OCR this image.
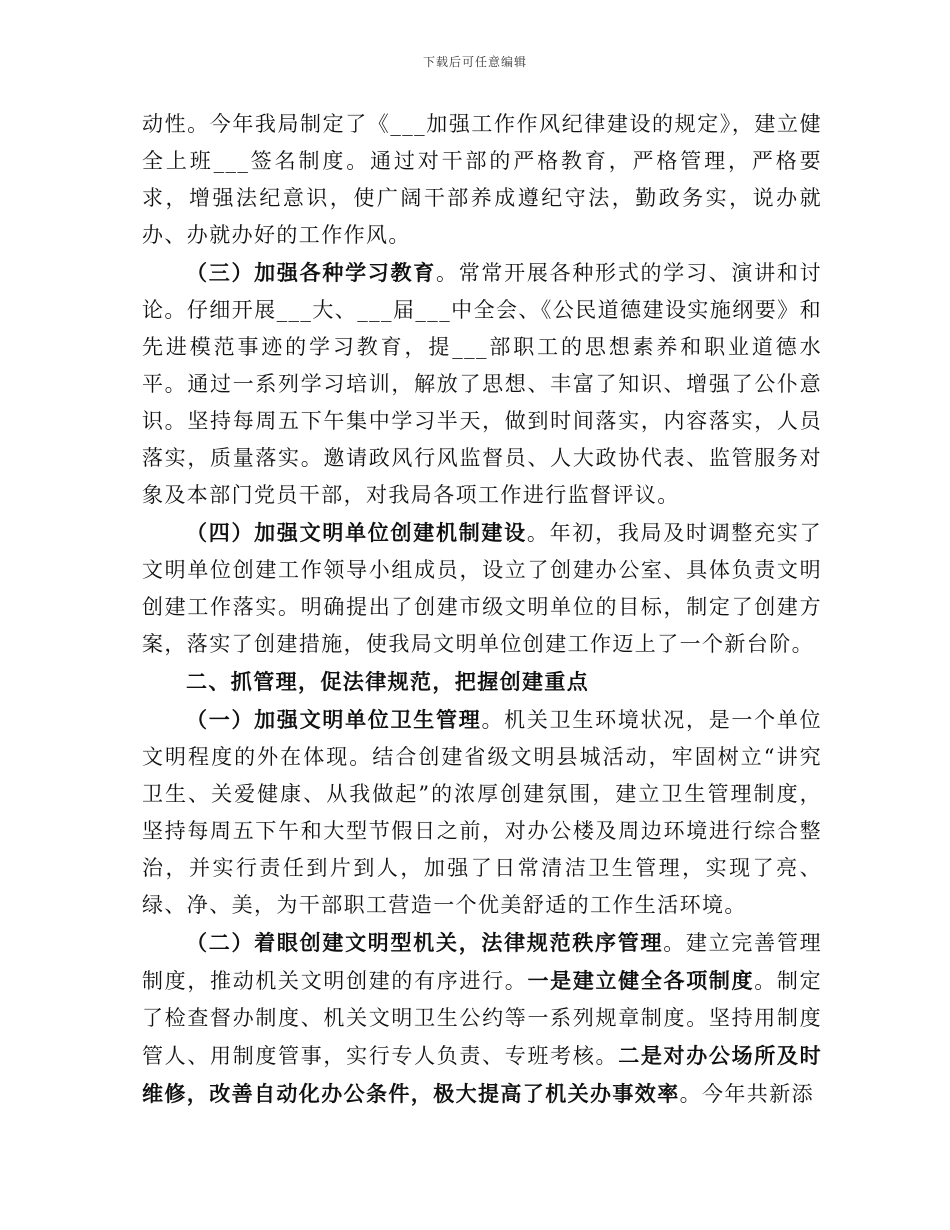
下载后可任意编辑

动性。今年我局制定了《___加强工作作风纪律建设的规定》，建立健全上班___签名制度。通过对干部的严格教育，严格管理，严格要求，增强法纪意识，使广阔干部养成遵纪守法，勤政务实，说办就办、办就办好的工作作风。

（三）加强各种学习教育。常常开展各种形式的学习、演讲和讨论。仔细开展___大、___届___中全会、《公民道德建设实施纲要》和先进模范事迹的学习教育，提___部职工的思想素养和职业道德水平。通过一系列学习培训，解放了思想、丰富了知识、增强了公仆意识。坚持每周五下午集中学习半天，做到时间落实，内容落实，人员落实，质量落实。邀请政风行风监督员、人大政协代表、监管服务对象及本部门党员干部，对我局各项工作进行监督评议。

（四）加强文明单位创建机制建设。年初，我局及时调整充实了文明单位创建工作领导小组成员，设立了创建办公室、具体负责文明创建工作落实。明确提出了创建市级文明单位的目标，制定了创建方案，落实了创建措施，使我局文明单位创建工作迈上了一个新台阶。

二、抓管理，促法律规范，把握创建重点

（一）加强文明单位卫生管理。机关卫生环境状况，是一个单位文明程度的外在体现。结合创建省级文明县城活动，牢固树立“讲究卫生、关爱健康、从我做起”的浓厚创建氛围，建立卫生管理制度，坚持每周五下午和大型节假日之前，对办公楼及周边环境进行综合整治，并实行责任到片到人，加强了日常清洁卫生管理，实现了亮、绿、净、美，为干部职工营造一个优美舒适的工作生活环境。

（二）着眼创建文明型机关，法律规范秩序管理。建立完善管理制度，推动机关文明创建的有序进行。一是建立健全各项制度。制定了检查督办制度、机关文明卫生公约等一系列规章制度。坚持用制度管人、用制度管事，实行专人负责、专班考核。二是对办公场所及时维修，改善自动化办公条件，极大提高了机关办事效率。今年共新添
